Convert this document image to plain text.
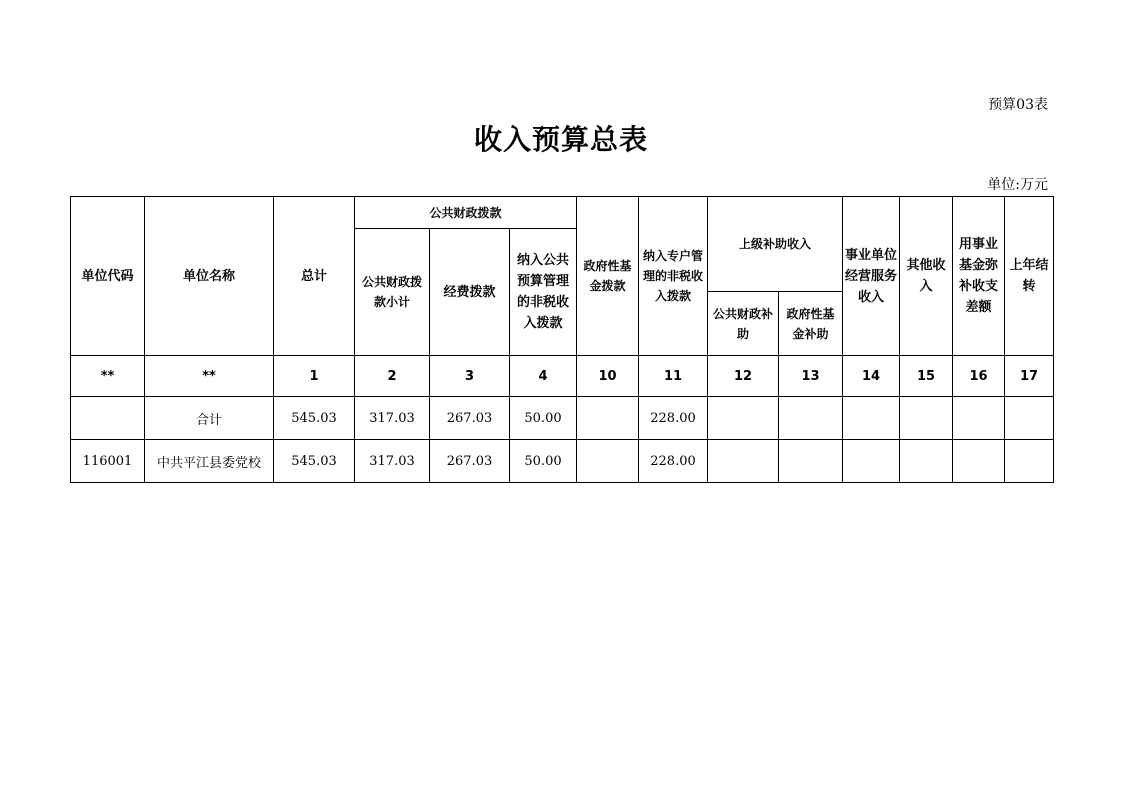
预算03表
收入预算总表
单位:万元
单位代码	单位名称	总计	公共财政拨款			政府性基金拨款	纳入专户管理的非税收入拨款	上级补助收入		事业单位经营服务收入	其他收入	用事业基金弥补收支差额	上年结转
			公共财政拨款小计	经费拨款	纳入公共预算管理的非税收入拨款								
								公共财政补助	政府性基金补助				
**	**	1	2	3	4	10	11	12	13	14	15	16	17
	合计	545.03	317.03	267.03	50.00		228.00						
116001	中共平江县委党校	545.03	317.03	267.03	50.00		228.00						
